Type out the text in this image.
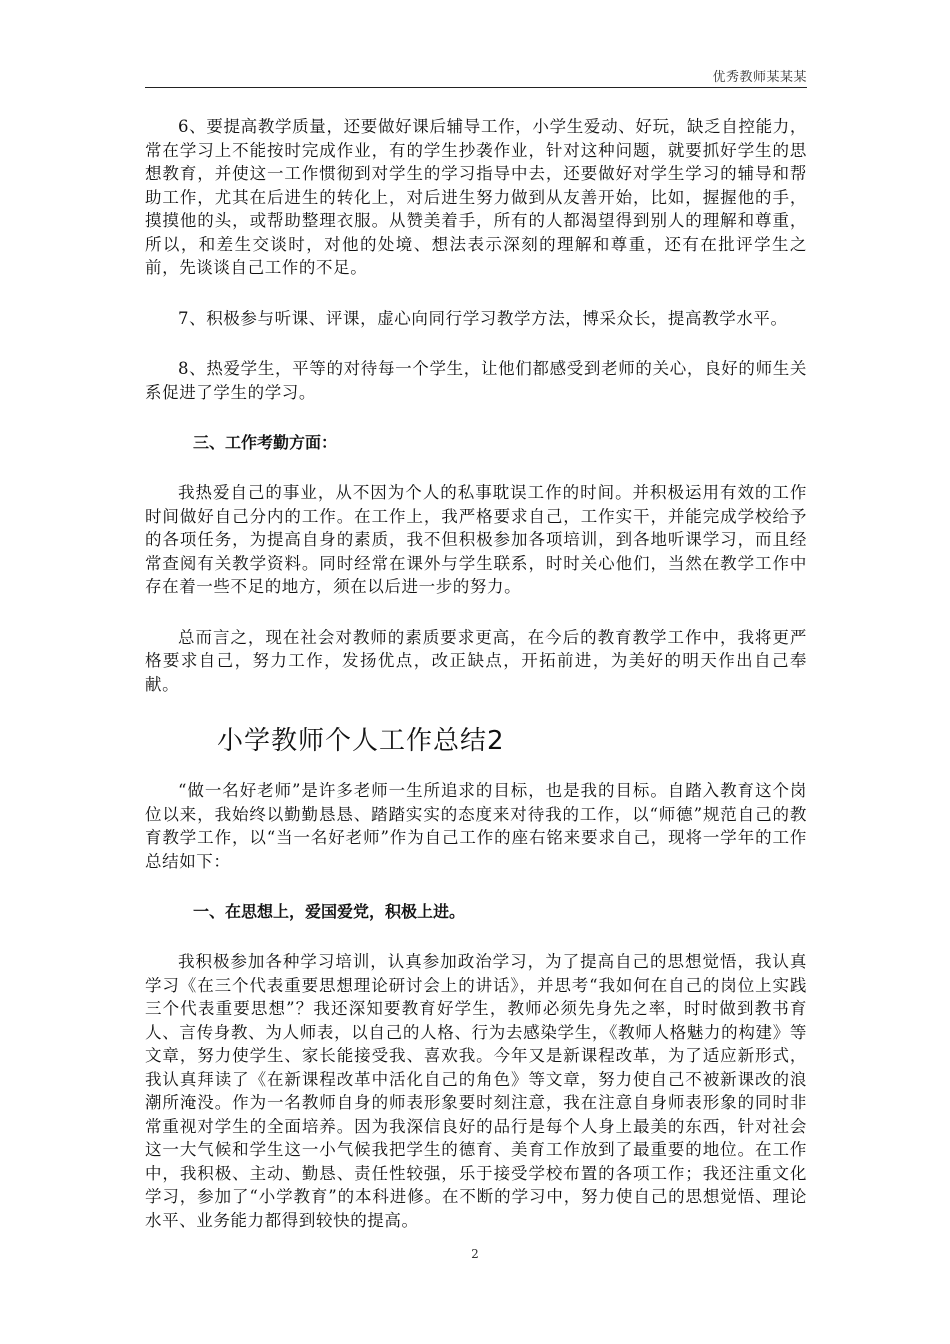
优秀教师某某某

6、要提高教学质量，还要做好课后辅导工作，小学生爱动、好玩，缺乏自控能力，常在学习上不能按时完成作业，有的学生抄袭作业，针对这种问题，就要抓好学生的思想教育，并使这一工作惯彻到对学生的学习指导中去，还要做好对学生学习的辅导和帮助工作，尤其在后进生的转化上，对后进生努力做到从友善开始，比如，握握他的手，摸摸他的头，或帮助整理衣服。从赞美着手，所有的人都渴望得到别人的理解和尊重，所以，和差生交谈时，对他的处境、想法表示深刻的理解和尊重，还有在批评学生之前，先谈谈自己工作的不足。

7、积极参与听课、评课，虚心向同行学习教学方法，博采众长，提高教学水平。

8、热爱学生，平等的对待每一个学生，让他们都感受到老师的关心，良好的师生关系促进了学生的学习。

三、工作考勤方面：

我热爱自己的事业，从不因为个人的私事耽误工作的时间。并积极运用有效的工作时间做好自己分内的工作。在工作上，我严格要求自己，工作实干，并能完成学校给予的各项任务，为提高自身的素质，我不但积极参加各项培训，到各地听课学习，而且经常查阅有关教学资料。同时经常在课外与学生联系，时时关心他们，当然在教学工作中存在着一些不足的地方，须在以后进一步的努力。

总而言之，现在社会对教师的素质要求更高，在今后的教育教学工作中，我将更严格要求自己，努力工作，发扬优点，改正缺点，开拓前进，为美好的明天作出自己奉献。

小学教师个人工作总结2

“做一名好老师”是许多老师一生所追求的目标，也是我的目标。自踏入教育这个岗位以来，我始终以勤勤恳恳、踏踏实实的态度来对待我的工作，以“师德”规范自己的教育教学工作，以“当一名好老师”作为自己工作的座右铭来要求自己，现将一学年的工作总结如下：

一、在思想上，爱国爱党，积极上进。

我积极参加各种学习培训，认真参加政治学习，为了提高自己的思想觉悟，我认真学习《在三个代表重要思想理论研讨会上的讲话》，并思考“我如何在自己的岗位上实践三个代表重要思想”？我还深知要教育好学生，教师必须先身先之率，时时做到教书育人、言传身教、为人师表，以自己的人格、行为去感染学生，《教师人格魅力的构建》等文章，努力使学生、家长能接受我、喜欢我。今年又是新课程改革，为了适应新形式，我认真拜读了《在新课程改革中活化自己的角色》等文章，努力使自己不被新课改的浪潮所淹没。作为一名教师自身的师表形象要时刻注意，我在注意自身师表形象的同时非常重视对学生的全面培养。因为我深信良好的品行是每个人身上最美的东西，针对社会这一大气候和学生这一小气候我把学生的德育、美育工作放到了最重要的地位。在工作中，我积极、主动、勤恳、责任性较强，乐于接受学校布置的各项工作；我还注重文化学习，参加了“小学教育”的本科进修。在不断的学习中，努力使自己的思想觉悟、理论水平、业务能力都得到较快的提高。

2
